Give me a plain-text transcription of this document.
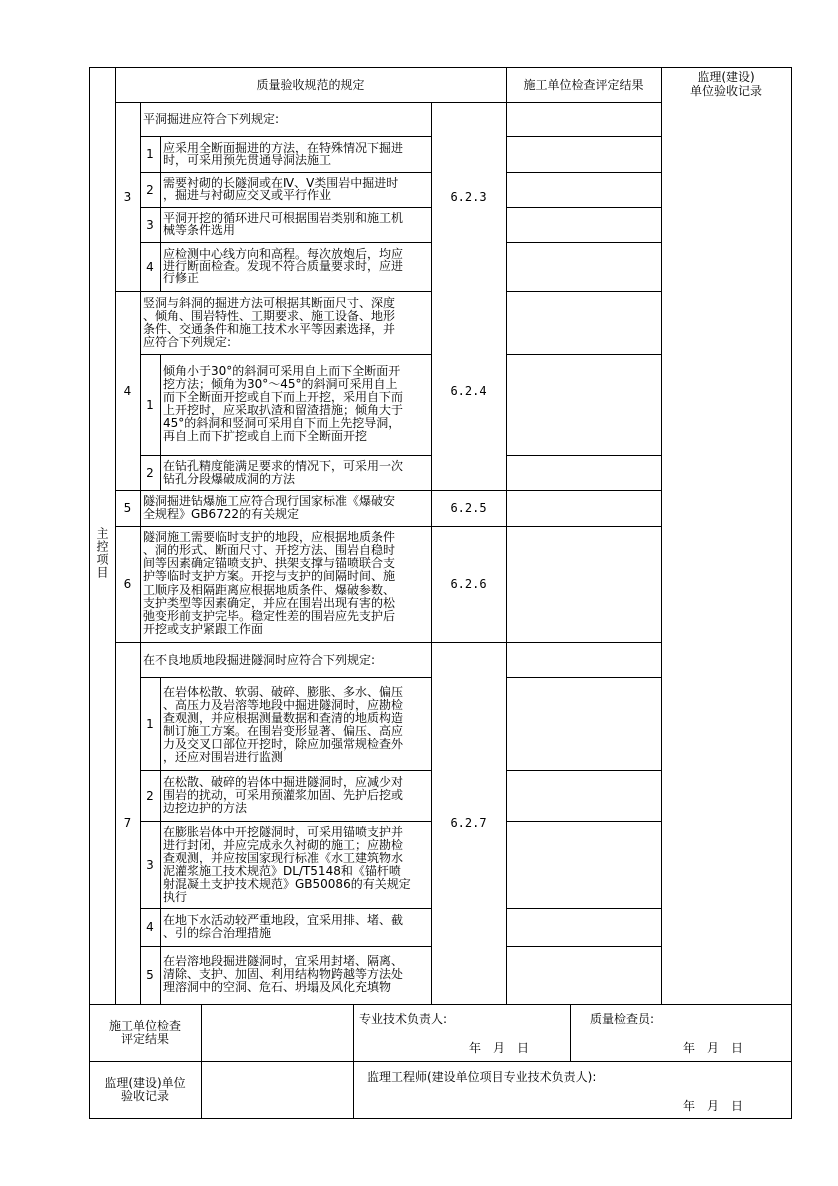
质量验收规范的规定	施工单位检查评定结果
监理(建设)
单位验收记录
主控项目
3
平洞掘进应符合下列规定:
6.2.3
1 应采用全断面掘进的方法，在特殊情况下掘进
时，可采用预先贯通导洞法施工
2 需要衬砌的长隧洞或在Ⅳ、Ⅴ类围岩中掘进时
，掘进与衬砌应交叉或平行作业
3 平洞开挖的循环进尺可根据围岩类别和施工机
械等条件选用
4
应检测中心线方向和高程。每次放炮后，均应
进行断面检查。发现不符合质量要求时，应进
行修正
4
竖洞与斜洞的掘进方法可根据其断面尺寸、深度
、倾角、围岩特性、工期要求、施工设备、地形
条件、交通条件和施工技术水平等因素选择，并
应符合下列规定:
6.2.4
1
倾角小于30°的斜洞可采用自上而下全断面开
挖方法；倾角为30°～45°的斜洞可采用自上
而下全断面开挖或自下而上开挖，采用自下而
上开挖时，应采取扒渣和留渣措施；倾角大于
45°的斜洞和竖洞可采用自下而上先挖导洞，
再自上而下扩挖或自上而下全断面开挖
2 在钻孔精度能满足要求的情况下，可采用一次
钻孔分段爆破成洞的方法
5 隧洞掘进钻爆施工应符合现行国家标准《爆破安
全规程》GB6722的有关规定	6.2.5
6
隧洞施工需要临时支护的地段，应根据地质条件
、洞的形式、断面尺寸、开挖方法、围岩自稳时
间等因素确定锚喷支护、拱架支撑与锚喷联合支
护等临时支护方案。开挖与支护的间隔时间、施
工顺序及相隔距离应根据地质条件、爆破参数、
支护类型等因素确定，并应在围岩出现有害的松
弛变形前支护完毕。稳定性差的围岩应先支护后
开挖或支护紧跟工作面
6.2.6
7
在不良地质地段掘进隧洞时应符合下列规定:
6.2.7
1
在岩体松散、软弱、破碎、膨胀、多水、偏压
、高压力及岩溶等地段中掘进隧洞时，应勘检
查观测，并应根据测量数据和查清的地质构造
制订施工方案。在围岩变形显著、偏压、高应
力及交叉口部位开挖时，除应加强常规检查外
，还应对围岩进行监测
2
在松散、破碎的岩体中掘进隧洞时，应减少对
围岩的扰动，可采用预灌浆加固、先护后挖或
边挖边护的方法
3
在膨胀岩体中开挖隧洞时，可采用锚喷支护并
进行封闭，并应完成永久衬砌的施工；应勘检
查观测，并应按国家现行标准《水工建筑物水
泥灌浆施工技术规范》DL/T5148和《锚杆喷
射混凝土支护技术规范》GB50086的有关规定
执行
4 在地下水活动较严重地段，宜采用排、堵、截
、引的综合治理措施
5
在岩溶地段掘进隧洞时，宜采用封堵、隔离、
清除、支护、加固、利用结构物跨越等方法处
理溶洞中的空洞、危石、坍塌及风化充填物
施工单位检查
评定结果
专业技术负责人:
年　月　日
质量检查员:
年　月　日
监理(建设)单位
验收记录
监理工程师(建设单位项目专业技术负责人):
年　月　日
